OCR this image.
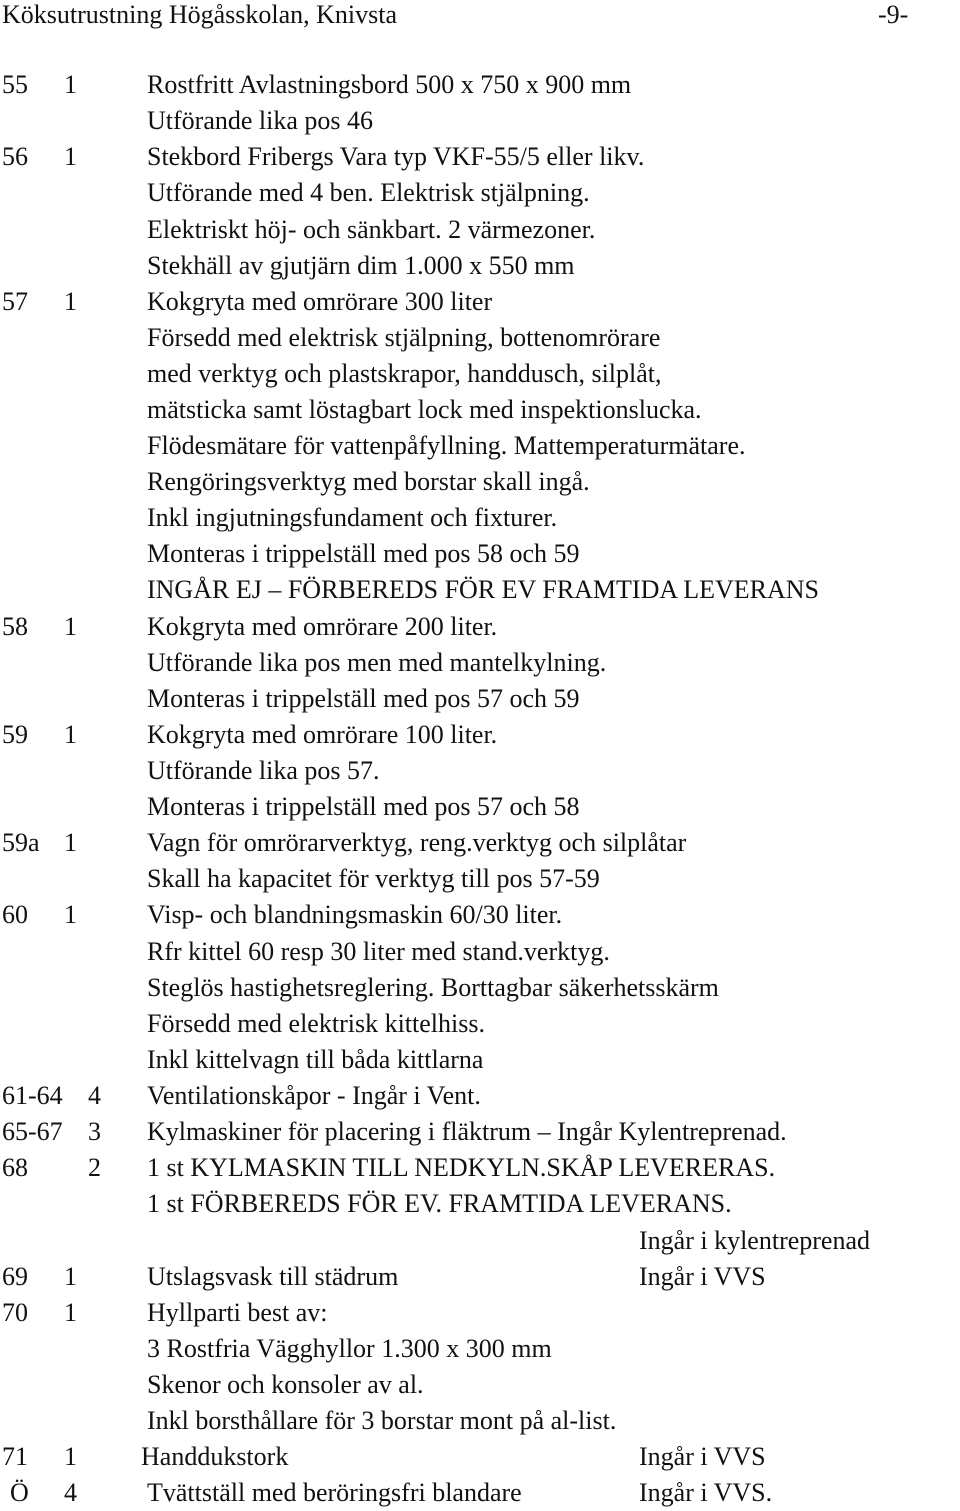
Köksutrustning Högåsskolan, Knivsta	-9-
55 1	Rostfritt Avlastningsbord 500 x 750 x 900 mm
Utförande lika pos 46
56 1	Stekbord Fribergs Vara typ VKF-55/5 eller likv.
Utförande med 4 ben. Elektrisk stjälpning.
Elektriskt höj- och sänkbart. 2 värmezoner.
Stekhäll av gjutjärn dim 1.000 x 550 mm
57 1	Kokgryta med omrörare 300 liter
Försedd med elektrisk stjälpning, bottenomrörare
med verktyg och plastskrapor, handdusch, silplåt,
mätsticka samt löstagbart lock med inspektionslucka.
Flödesmätare för vattenpåfyllning. Mattemperaturmätare.
Rengöringsverktyg med borstar skall ingå.
Inkl ingjutningsfundament och fixturer.
Monteras i trippelställ med pos 58 och 59
INGÅR EJ – FÖRBEREDS FÖR EV FRAMTIDA LEVERANS
58 1	Kokgryta med omrörare 200 liter.
Utförande lika pos men med mantelkylning.
Monteras i trippelställ med pos 57 och 59
59 1	Kokgryta med omrörare 100 liter.
Utförande lika pos 57.
Monteras i trippelställ med pos 57 och 58
59a 1	Vagn för omrörarverktyg, reng.verktyg och silplåtar
Skall ha kapacitet för verktyg till pos 57-59
60 1	Visp- och blandningsmaskin 60/30 liter.
Rfr kittel 60 resp 30 liter med stand.verktyg.
Steglös hastighetsreglering. Borttagbar säkerhetsskärm
Försedd med elektrisk kittelhiss.
Inkl kittelvagn till båda kittlarna
61-64 4 Ventilationskåpor - Ingår i Vent.
65-67 3 Kylmaskiner för placering i fläktrum – Ingår Kylentreprenad.
68 2 1 st KYLMASKIN TILL NEDKYLN.SKÅP LEVERERAS.
1 st FÖRBEREDS FÖR EV. FRAMTIDA LEVERANS.
Ingår i kylentreprenad
69 1	Utslagsvask till städrum	Ingår i VVS
70 1	Hyllparti best av:
3 Rostfria Vägghyllor 1.300 x 300 mm
Skenor och konsoler av al.
Inkl borsthållare för 3 borstar mont på al-list.
71 1 Handdukstork	Ingår i VVS
Ö 4	Tvättställ med beröringsfri blandare	Ingår i VVS.
